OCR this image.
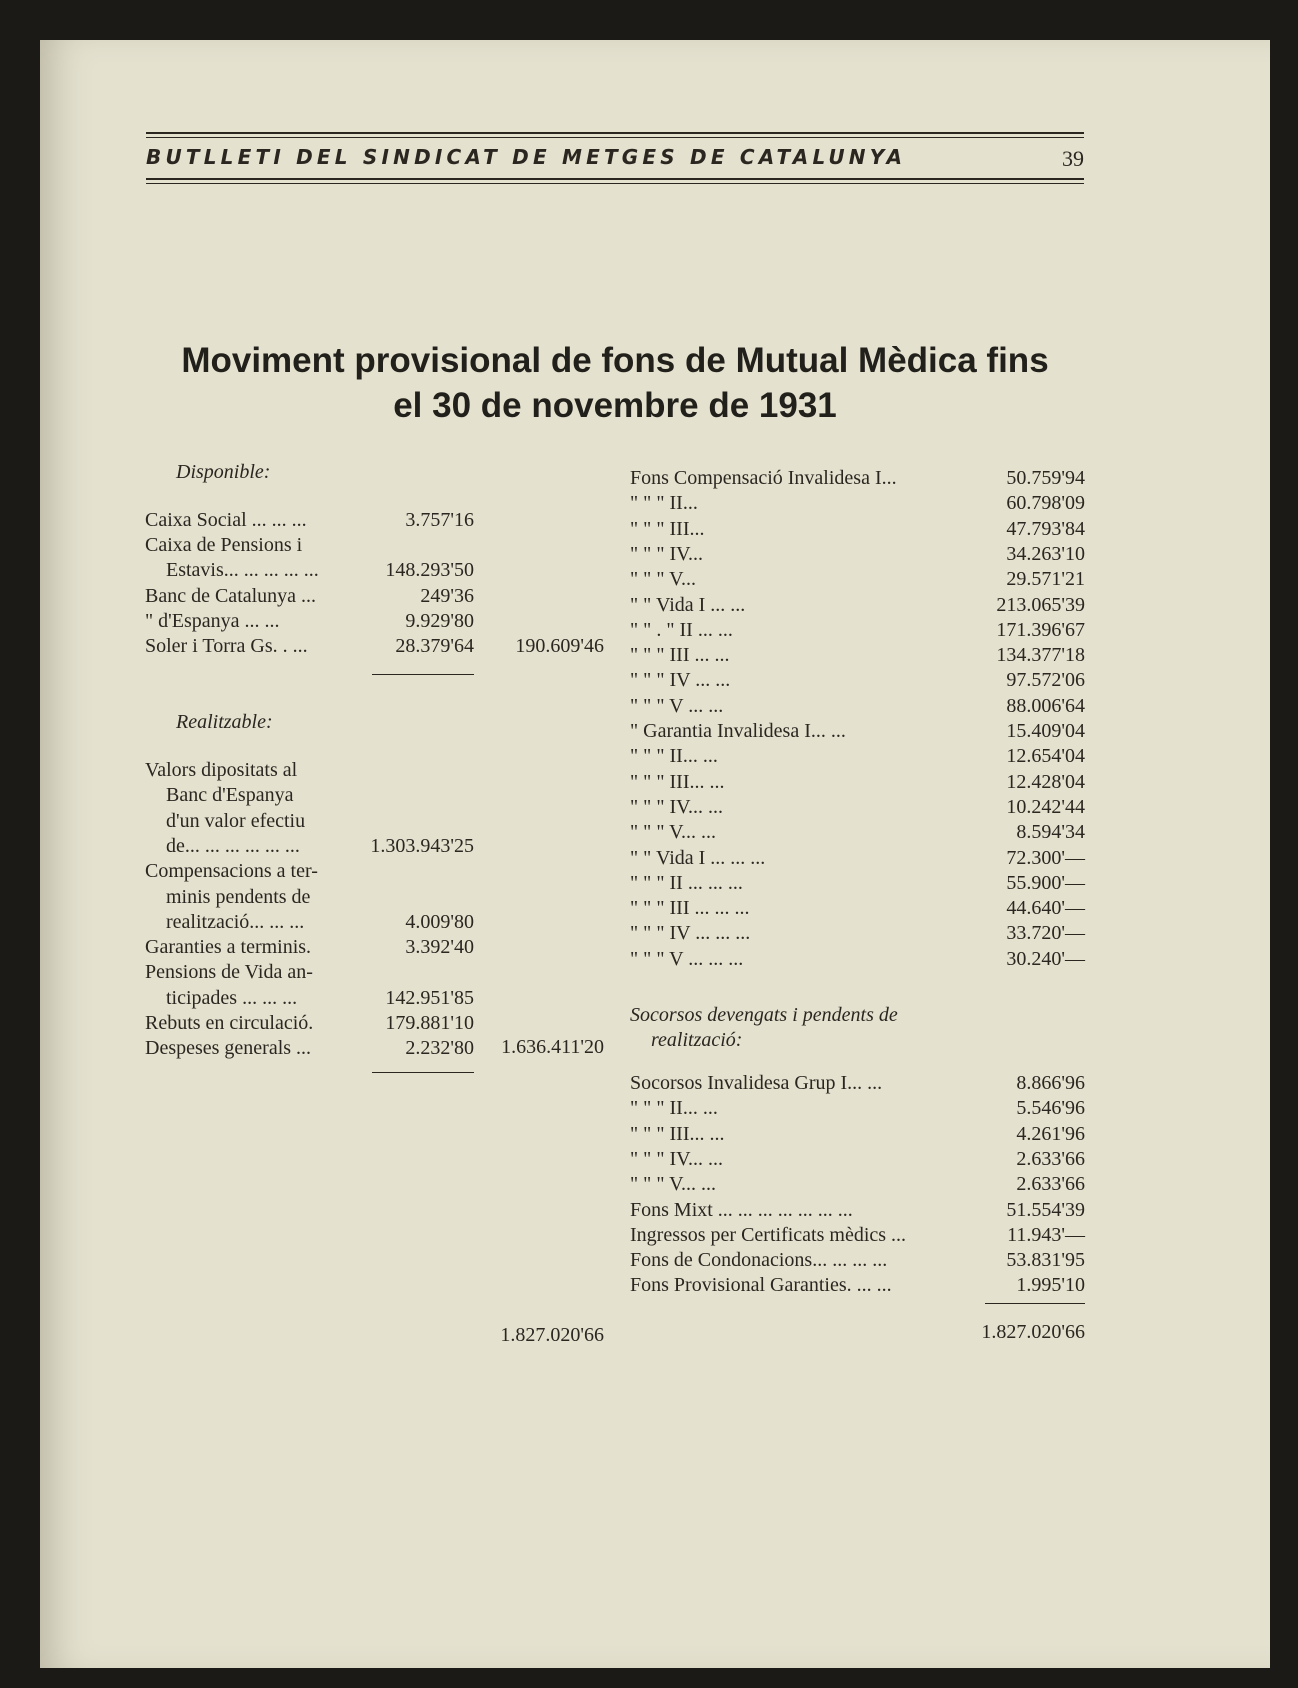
BUTLLETI DEL SINDICAT DE METGES DE CATALUNYA	39
Moviment provisional de fons de Mutual Mèdica fins
el 30 de novembre de 1931
Disponible:
Caixa Social ... ... ...	3.757'16
Caixa de Pensions i
Estavis... ... ... ... ...	148.293'50
Banc de Catalunya ...	249'36
" d'Espanya ... ...	9.929'80
Soler i Torra Gs. . ...	28.379'64 190.609'46
Realitzable:
Valors dipositats al
Banc d'Espanya
d'un valor efectiu
de... ... ... ... ... ...	1.303.943'25
Compensacions a ter-
minis pendents de
realització... ... ...	4.009'80
Garanties a terminis.	3.392'40
Pensions de Vida an-
ticipades ... ... ...	142.951'85
Rebuts en circulació.	179.881'10
Despeses generals ...	2.232'80 1.636.411'20
1.827.020'66
Fons Compensació Invalidesa I...	50.759'94
" " " II...	60.798'09
" " " III...	47.793'84
" " " IV...	34.263'10
" " " V...	29.571'21
" " Vida I ... ...	213.065'39
" " . " II ... ...	171.396'67
" " " III ... ...	134.377'18
" " " IV ... ...	97.572'06
" " " V ... ...	88.006'64
" Garantia Invalidesa I... ...	15.409'04
" " " II... ...	12.654'04
" " " III... ...	12.428'04
" " " IV... ...	10.242'44
" " " V... ...	8.594'34
" " Vida I ... ... ...	72.300'—
" " " II ... ... ...	55.900'—
" " " III ... ... ...	44.640'—
" " " IV ... ... ...	33.720'—
" " " V ... ... ...	30.240'—
Socorsos devengats i pendents de
realització:
Socorsos Invalidesa Grup I... ...	8.866'96
" " " II... ...	5.546'96
" " " III... ...	4.261'96
" " " IV... ...	2.633'66
" " " V... ...	2.633'66
Fons Mixt ... ... ... ... ... ... ...	51.554'39
Ingressos per Certificats mèdics ...	11.943'—
Fons de Condonacions... ... ... ...	53.831'95
Fons Provisional Garanties. ... ...	1.995'10
1.827.020'66
